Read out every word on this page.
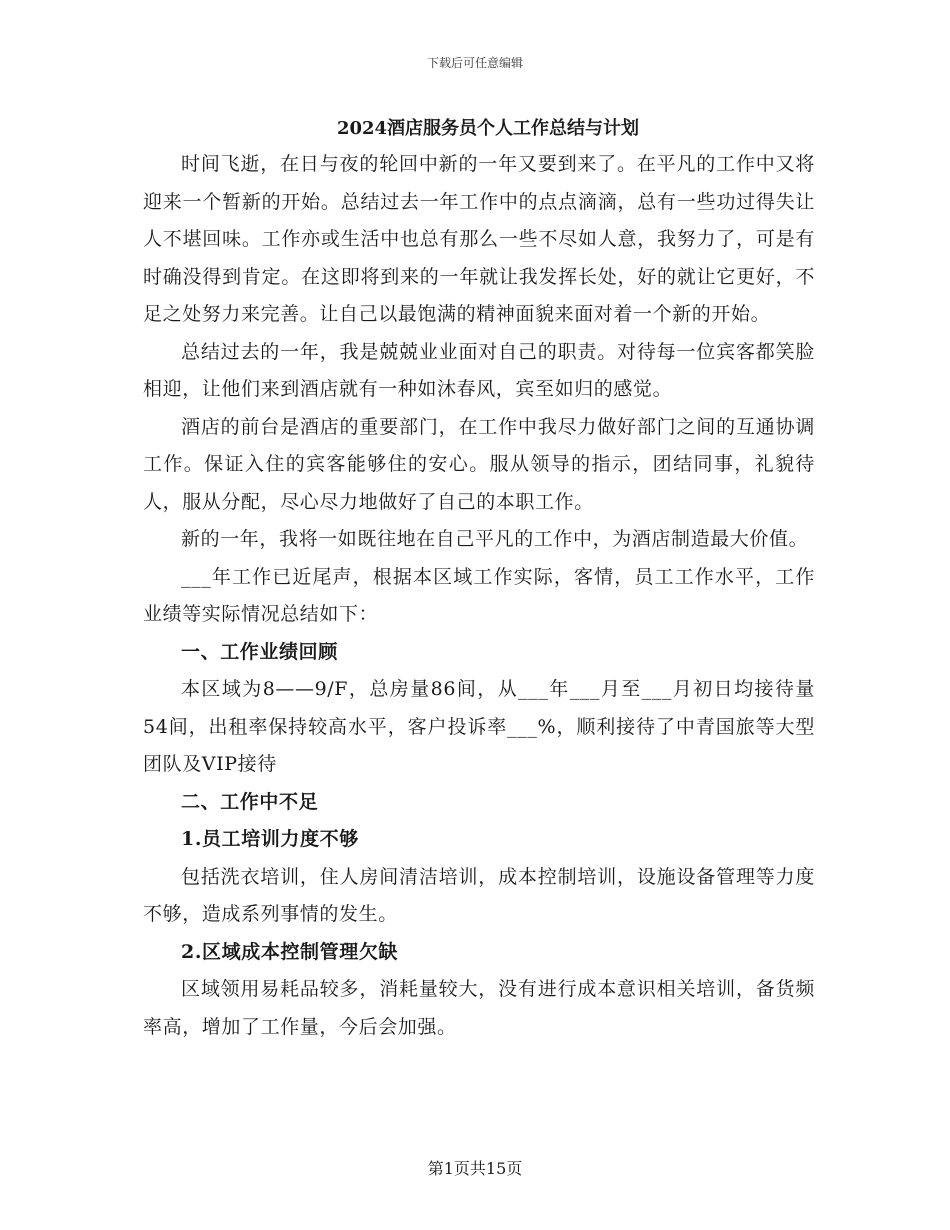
下载后可任意编辑
2024酒店服务员个人工作总结与计划

时间飞逝，在日与夜的轮回中新的一年又要到来了。在平凡的工作中又将迎来一个暂新的开始。总结过去一年工作中的点点滴滴，总有一些功过得失让人不堪回味。工作亦或生活中也总有那么一些不尽如人意，我努力了，可是有时确没得到肯定。在这即将到来的一年就让我发挥长处，好的就让它更好，不足之处努力来完善。让自己以最饱满的精神面貌来面对着一个新的开始。

总结过去的一年，我是兢兢业业面对自己的职责。对待每一位宾客都笑脸相迎，让他们来到酒店就有一种如沐春风，宾至如归的感觉。

酒店的前台是酒店的重要部门，在工作中我尽力做好部门之间的互通协调工作。保证入住的宾客能够住的安心。服从领导的指示，团结同事，礼貌待人，服从分配，尽心尽力地做好了自己的本职工作。

新的一年，我将一如既往地在自己平凡的工作中，为酒店制造最大价值。

___年工作已近尾声，根据本区域工作实际，客情，员工工作水平，工作业绩等实际情况总结如下：

一、工作业绩回顾

本区域为8——9/F，总房量86间，从___年___月至___月初日均接待量54间，出租率保持较高水平，客户投诉率___%，顺利接待了中青国旅等大型团队及VIP接待

二、工作中不足

1.员工培训力度不够

包括洗衣培训，住人房间清洁培训，成本控制培训，设施设备管理等力度不够，造成系列事情的发生。

2.区域成本控制管理欠缺

区域领用易耗品较多，消耗量较大，没有进行成本意识相关培训，备货频率高，增加了工作量，今后会加强。

第1页共15页
